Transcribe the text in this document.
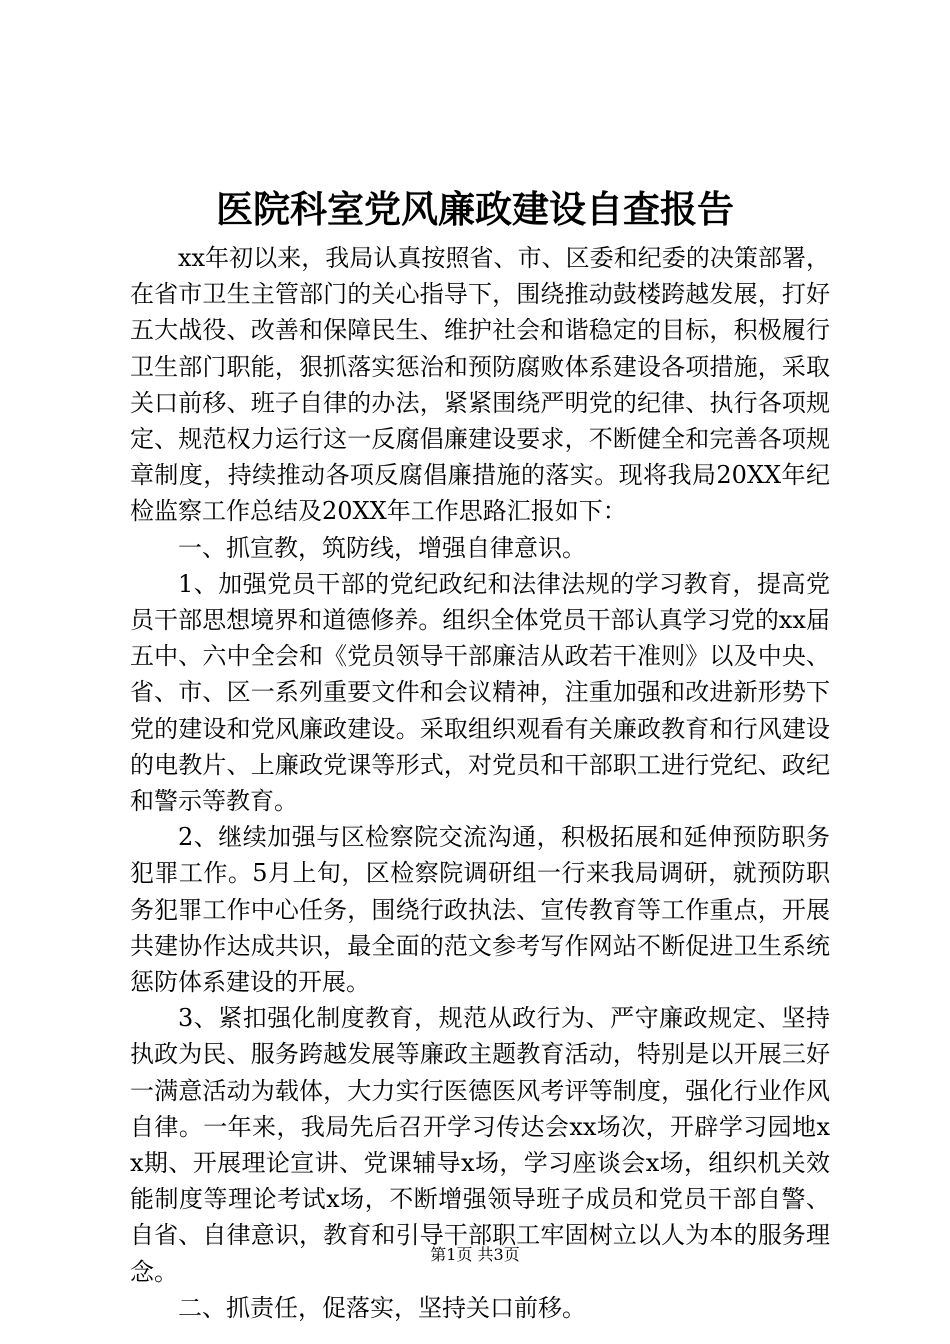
医院科室党风廉政建设自查报告

xx年初以来，我局认真按照省、市、区委和纪委的决策部署，在省市卫生主管部门的关心指导下，围绕推动鼓楼跨越发展，打好五大战役、改善和保障民生、维护社会和谐稳定的目标，积极履行卫生部门职能，狠抓落实惩治和预防腐败体系建设各项措施，采取关口前移、班子自律的办法，紧紧围绕严明党的纪律、执行各项规定、规范权力运行这一反腐倡廉建设要求，不断健全和完善各项规章制度，持续推动各项反腐倡廉措施的落实。现将我局20XX年纪检监察工作总结及20XX年工作思路汇报如下：

一、抓宣教，筑防线，增强自律意识。

1、加强党员干部的党纪政纪和法律法规的学习教育，提高党员干部思想境界和道德修养。组织全体党员干部认真学习党的xx届五中、六中全会和《党员领导干部廉洁从政若干准则》以及中央、省、市、区一系列重要文件和会议精神，注重加强和改进新形势下党的建设和党风廉政建设。采取组织观看有关廉政教育和行风建设的电教片、上廉政党课等形式，对党员和干部职工进行党纪、政纪和警示等教育。

2、继续加强与区检察院交流沟通，积极拓展和延伸预防职务犯罪工作。5月上旬，区检察院调研组一行来我局调研，就预防职务犯罪工作中心任务，围绕行政执法、宣传教育等工作重点，开展共建协作达成共识，最全面的范文参考写作网站不断促进卫生系统惩防体系建设的开展。

3、紧扣强化制度教育，规范从政行为、严守廉政规定、坚持执政为民、服务跨越发展等廉政主题教育活动，特别是以开展三好一满意活动为载体，大力实行医德医风考评等制度，强化行业作风自律。一年来，我局先后召开学习传达会xx场次，开辟学习园地xx期、开展理论宣讲、党课辅导x场，学习座谈会x场，组织机关效能制度等理论考试x场，不断增强领导班子成员和党员干部自警、自省、自律意识，教育和引导干部职工牢固树立以人为本的服务理念。

二、抓责任，促落实，坚持关口前移。

第1页 共3页
